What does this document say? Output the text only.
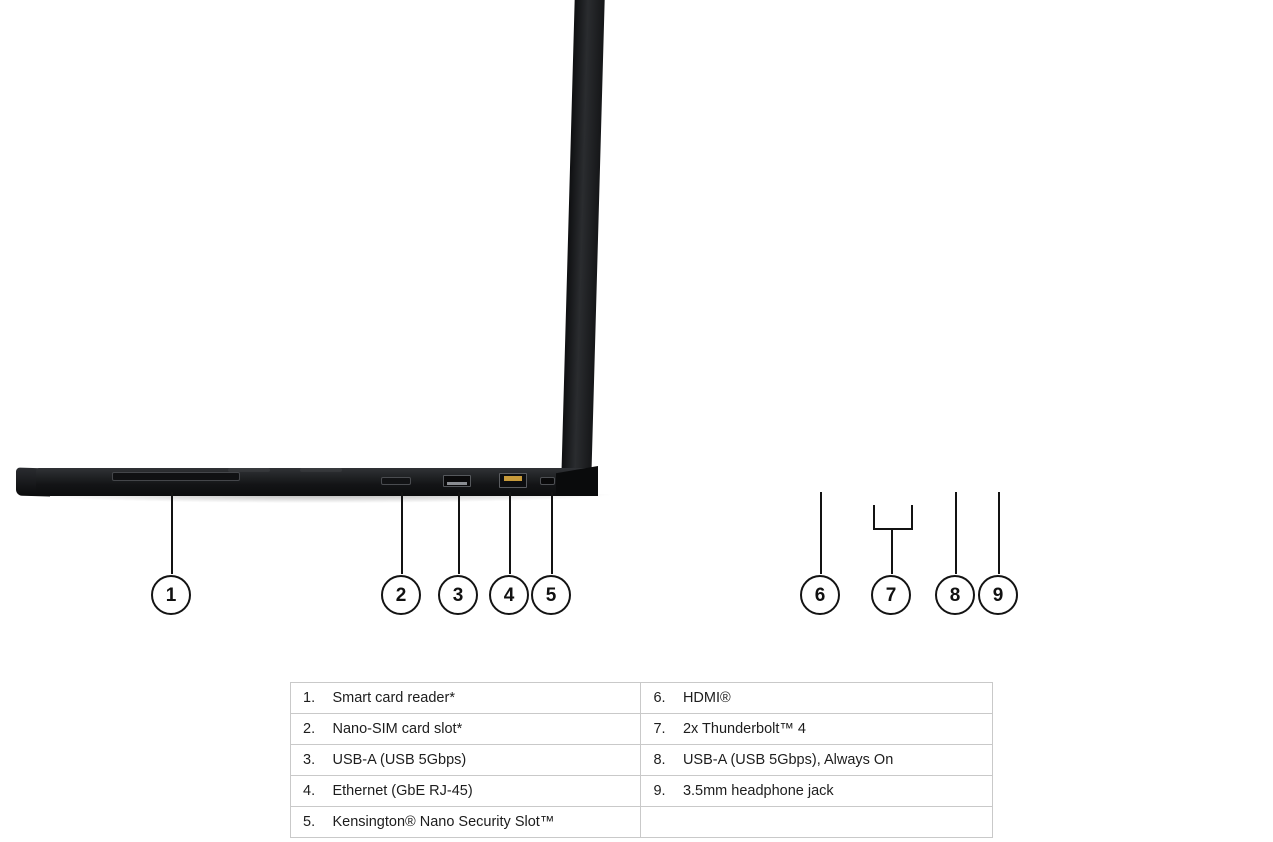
1	2	3	4	5	6	7	8	9
1.	Smart card reader*	6.	HDMI®
2.	Nano-SIM card slot*	7.	2x Thunderbolt™ 4
3.	USB-A (USB 5Gbps)	8.	USB-A (USB 5Gbps), Always On
4.	Ethernet (GbE RJ-45)	9.	3.5mm headphone jack
5.	Kensington® Nano Security Slot™		
